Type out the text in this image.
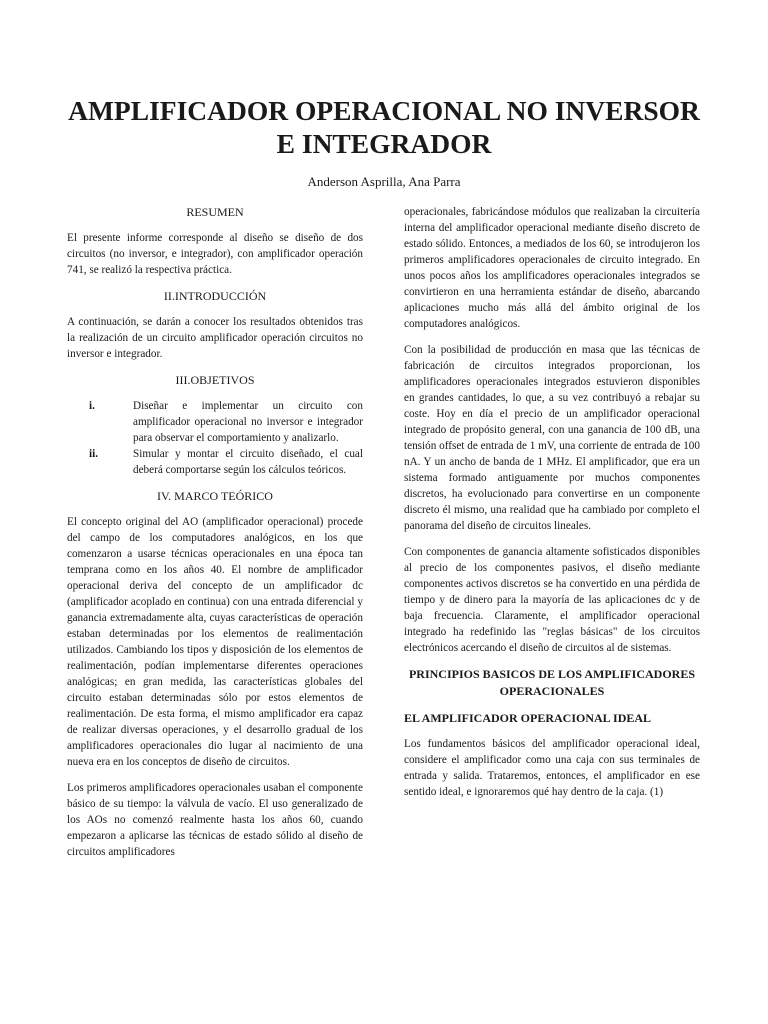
AMPLIFICADOR OPERACIONAL NO INVERSOR E INTEGRADOR
Anderson Asprilla, Ana Parra
RESUMEN

El presente informe corresponde al diseño se diseño de dos circuitos (no inversor, e integrador), con amplificador operación 741, se realizó la respectiva práctica.

II.INTRODUCCIÓN

A continuación, se darán a conocer los resultados obtenidos tras la realización de un circuito amplificador operación circuitos no inversor e integrador.

III.OBJETIVOS
i.	Diseñar e implementar un circuito con amplificador operacional no inversor e integrador para observar el comportamiento y analizarlo.
ii.	Simular y montar el circuito diseñado, el cual deberá comportarse según los cálculos teóricos.
IV. MARCO TEÓRICO

El concepto original del AO (amplificador operacional) procede del campo de los computadores analógicos, en los que comenzaron a usarse técnicas operacionales en una época tan temprana como en los años 40. El nombre de amplificador operacional deriva del concepto de un amplificador dc (amplificador acoplado en continua) con una entrada diferencial y ganancia extremadamente alta, cuyas características de operación estaban determinadas por los elementos de realimentación utilizados. Cambiando los tipos y disposición de los elementos de realimentación, podían implementarse diferentes operaciones analógicas; en gran medida, las características globales del circuito estaban determinadas sólo por estos elementos de realimentación. De esta forma, el mismo amplificador era capaz de realizar diversas operaciones, y el desarrollo gradual de los amplificadores operacionales dio lugar al nacimiento de una nueva era en los conceptos de diseño de circuitos.

Los primeros amplificadores operacionales usaban el componente básico de su tiempo: la válvula de vacío. El uso generalizado de los AOs no comenzó realmente hasta los años 60, cuando empezaron a aplicarse las técnicas de estado sólido al diseño de circuitos amplificadores

operacionales, fabricándose módulos que realizaban la circuitería interna del amplificador operacional mediante diseño discreto de estado sólido. Entonces, a mediados de los 60, se introdujeron los primeros amplificadores operacionales de circuito integrado. En unos pocos años los amplificadores operacionales integrados se convirtieron en una herramienta estándar de diseño, abarcando aplicaciones mucho más allá del ámbito original de los computadores analógicos.

Con la posibilidad de producción en masa que las técnicas de fabricación de circuitos integrados proporcionan, los amplificadores operacionales integrados estuvieron disponibles en grandes cantidades, lo que, a su vez contribuyó a rebajar su coste. Hoy en día el precio de un amplificador operacional integrado de propósito general, con una ganancia de 100 dB, una tensión offset de entrada de 1 mV, una corriente de entrada de 100 nA. Y un ancho de banda de 1 MHz. El amplificador, que era un sistema formado antiguamente por muchos componentes discretos, ha evolucionado para convertirse en un componente discreto él mismo, una realidad que ha cambiado por completo el panorama del diseño de circuitos lineales.

Con componentes de ganancia altamente sofisticados disponibles al precio de los componentes pasivos, el diseño mediante componentes activos discretos se ha convertido en una pérdida de tiempo y de dinero para la mayoría de las aplicaciones dc y de baja frecuencia. Claramente, el amplificador operacional integrado ha redefinido las "reglas básicas" de los circuitos electrónicos acercando el diseño de circuitos al de sistemas.

PRINCIPIOS BASICOS DE LOS AMPLIFICADORES OPERACIONALES
EL AMPLIFICADOR OPERACIONAL IDEAL

Los fundamentos básicos del amplificador operacional ideal, considere el amplificador como una caja con sus terminales de entrada y salida. Trataremos, entonces, el amplificador en ese sentido ideal, e ignoraremos qué hay dentro de la caja. (1)
